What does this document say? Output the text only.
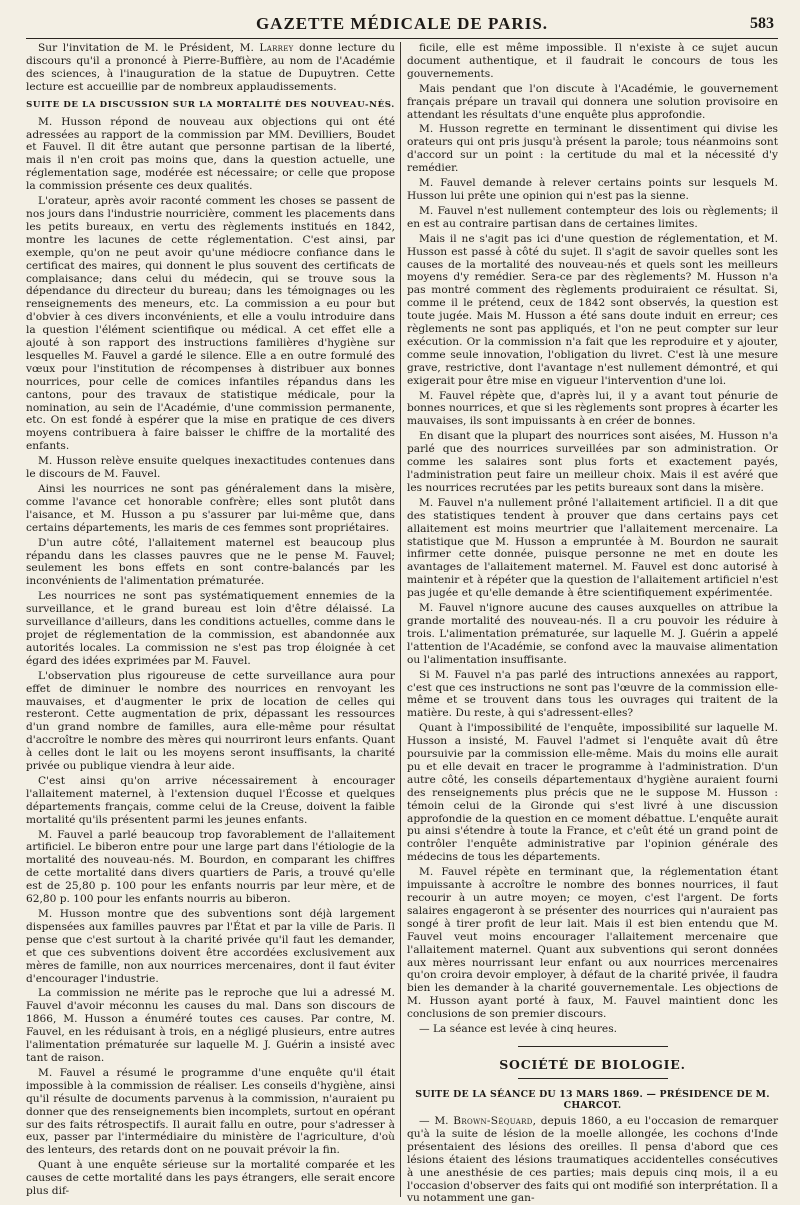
GAZETTE MÉDICALE DE PARIS.	583

Sur l'invitation de M. le Président, M. Larrey donne lecture du discours qu'il a prononcé à Pierre-Buffière, au nom de l'Académie des sciences, à l'inauguration de la statue de Dupuytren. Cette lecture est accueillie par de nombreux applaudissements.

SUITE DE LA DISCUSSION SUR LA MORTALITÉ DES NOUVEAU-NÉS.

M. Husson répond de nouveau aux objections qui ont été adressées au rapport de la commission par MM. Devilliers, Boudet et Fauvel. Il dit être autant que personne partisan de la liberté, mais il n'en croit pas moins que, dans la question actuelle, une réglementation sage, modérée est nécessaire; or celle que propose la commission présente ces deux qualités.

L'orateur, après avoir raconté comment les choses se passent de nos jours dans l'industrie nourricière, comment les placements dans les petits bureaux, en vertu des règlements institués en 1842, montre les lacunes de cette réglementation. C'est ainsi, par exemple, qu'on ne peut avoir qu'une médiocre confiance dans le certificat des maires, qui donnent le plus souvent des certificats de complaisance; dans celui du médecin, qui se trouve sous la dépendance du directeur du bureau; dans les témoignages ou les renseignements des meneurs, etc. La commission a eu pour but d'obvier à ces divers inconvénients, et elle a voulu introduire dans la question l'élément scientifique ou médical. A cet effet elle a ajouté à son rapport des instructions familières d'hygiène sur lesquelles M. Fauvel a gardé le silence. Elle a en outre formulé des vœux pour l'institution de récompenses à distribuer aux bonnes nourrices, pour celle de comices infantiles répandus dans les cantons, pour des travaux de statistique médicale, pour la nomination, au sein de l'Académie, d'une commission permanente, etc. On est fondé à espérer que la mise en pratique de ces divers moyens contribuera à faire baisser le chiffre de la mortalité des enfants.

M. Husson relève ensuite quelques inexactitudes contenues dans le discours de M. Fauvel.

Ainsi les nourrices ne sont pas généralement dans la misère, comme l'avance cet honorable confrère; elles sont plutôt dans l'aisance, et M. Husson a pu s'assurer par lui-même que, dans certains départements, les maris de ces femmes sont propriétaires.

D'un autre côté, l'allaitement maternel est beaucoup plus répandu dans les classes pauvres que ne le pense M. Fauvel; seulement les bons effets en sont contre-balancés par les inconvénients de l'alimentation prématurée.

Les nourrices ne sont pas systématiquement ennemies de la surveillance, et le grand bureau est loin d'être délaissé. La surveillance d'ailleurs, dans les conditions actuelles, comme dans le projet de réglementation de la commission, est abandonnée aux autorités locales. La commission ne s'est pas trop éloignée à cet égard des idées exprimées par M. Fauvel.

L'observation plus rigoureuse de cette surveillance aura pour effet de diminuer le nombre des nourrices en renvoyant les mauvaises, et d'augmenter le prix de location de celles qui resteront. Cette augmentation de prix, dépassant les ressources d'un grand nombre de familles, aura elle-même pour résultat d'accroître le nombre des mères qui nourriront leurs enfants. Quant à celles dont le lait ou les moyens seront insuffisants, la charité privée ou publique viendra à leur aide.

C'est ainsi qu'on arrive nécessairement à encourager l'allaitement maternel, à l'extension duquel l'Écosse et quelques départements français, comme celui de la Creuse, doivent la faible mortalité qu'ils présentent parmi les jeunes enfants.

M. Fauvel a parlé beaucoup trop favorablement de l'allaitement artificiel. Le biberon entre pour une large part dans l'étiologie de la mortalité des nouveau-nés. M. Bourdon, en comparant les chiffres de cette mortalité dans divers quartiers de Paris, a trouvé qu'elle est de 25,80 p. 100 pour les enfants nourris par leur mère, et de 62,80 p. 100 pour les enfants nourris au biberon.

M. Husson montre que des subventions sont déjà largement dispensées aux familles pauvres par l'État et par la ville de Paris. Il pense que c'est surtout à la charité privée qu'il faut les demander, et que ces subventions doivent être accordées exclusivement aux mères de famille, non aux nourrices mercenaires, dont il faut éviter d'encourager l'industrie.

La commission ne mérite pas le reproche que lui a adressé M. Fauvel d'avoir méconnu les causes du mal. Dans son discours de 1866, M. Husson a énuméré toutes ces causes. Par contre, M. Fauvel, en les réduisant à trois, en a négligé plusieurs, entre autres l'alimentation prématurée sur laquelle M. J. Guérin a insisté avec tant de raison.

M. Fauvel a résumé le programme d'une enquête qu'il était impossible à la commission de réaliser. Les conseils d'hygiène, ainsi qu'il résulte de documents parvenus à la commission, n'auraient pu donner que des renseignements bien incomplets, surtout en opérant sur des faits rétrospectifs. Il aurait fallu en outre, pour s'adresser à eux, passer par l'intermédiaire du ministère de l'agriculture, d'où des lenteurs, des retards dont on ne pouvait prévoir la fin.

Quant à une enquête sérieuse sur la mortalité comparée et les causes de cette mortalité dans les pays étrangers, elle serait encore plus dif-

ficile, elle est même impossible. Il n'existe à ce sujet aucun document authentique, et il faudrait le concours de tous les gouvernements.

Mais pendant que l'on discute à l'Académie, le gouvernement français prépare un travail qui donnera une solution provisoire en attendant les résultats d'une enquête plus approfondie.

M. Husson regrette en terminant le dissentiment qui divise les orateurs qui ont pris jusqu'à présent la parole; tous néanmoins sont d'accord sur un point : la certitude du mal et la nécessité d'y remédier.

M. Fauvel demande à relever certains points sur lesquels M. Husson lui prête une opinion qui n'est pas la sienne.

M. Fauvel n'est nullement contempteur des lois ou règlements; il en est au contraire partisan dans de certaines limites.

Mais il ne s'agit pas ici d'une question de réglementation, et M. Husson est passé à côté du sujet. Il s'agit de savoir quelles sont les causes de la mortalité des nouveau-nés et quels sont les meilleurs moyens d'y remédier. Sera-ce par des règlements? M. Husson n'a pas montré comment des règlements produiraient ce résultat. Si, comme il le prétend, ceux de 1842 sont observés, la question est toute jugée. Mais M. Husson a été sans doute induit en erreur; ces règlements ne sont pas appliqués, et l'on ne peut compter sur leur exécution. Or la commission n'a fait que les reproduire et y ajouter, comme seule innovation, l'obligation du livret. C'est là une mesure grave, restrictive, dont l'avantage n'est nullement démontré, et qui exigerait pour être mise en vigueur l'intervention d'une loi.

M. Fauvel répète que, d'après lui, il y a avant tout pénurie de bonnes nourrices, et que si les règlements sont propres à écarter les mauvaises, ils sont impuissants à en créer de bonnes.

En disant que la plupart des nourrices sont aisées, M. Husson n'a parlé que des nourrices surveillées par son administration. Or comme les salaires sont plus forts et exactement payés, l'administration peut faire un meilleur choix. Mais il est avéré que les nourrices recrutées par les petits bureaux sont dans la misère.

M. Fauvel n'a nullement prôné l'allaitement artificiel. Il a dit que des statistiques tendent à prouver que dans certains pays cet allaitement est moins meurtrier que l'allaitement mercenaire. La statistique que M. Husson a empruntée à M. Bourdon ne saurait infirmer cette donnée, puisque personne ne met en doute les avantages de l'allaitement maternel. M. Fauvel est donc autorisé à maintenir et à répéter que la question de l'allaitement artificiel n'est pas jugée et qu'elle demande à être scientifiquement expérimentée.

M. Fauvel n'ignore aucune des causes auxquelles on attribue la grande mortalité des nouveau-nés. Il a cru pouvoir les réduire à trois. L'alimentation prématurée, sur laquelle M. J. Guérin a appelé l'attention de l'Académie, se confond avec la mauvaise alimentation ou l'alimentation insuffisante.

Si M. Fauvel n'a pas parlé des intructions annexées au rapport, c'est que ces instructions ne sont pas l'œuvre de la commission elle-même et se trouvent dans tous les ouvrages qui traitent de la matière. Du reste, à qui s'adressent-elles?

Quant à l'impossibilité de l'enquête, impossibilité sur laquelle M. Husson a insisté, M. Fauvel l'admet si l'enquête avait dû être poursuivie par la commission elle-même. Mais du moins elle aurait pu et elle devait en tracer le programme à l'administration. D'un autre côté, les conseils départementaux d'hygiène auraient fourni des renseignements plus précis que ne le suppose M. Husson : témoin celui de la Gironde qui s'est livré à une discussion approfondie de la question en ce moment débattue. L'enquête aurait pu ainsi s'étendre à toute la France, et c'eût été un grand point de contrôler l'enquête administrative par l'opinion générale des médecins de tous les départements.

M. Fauvel répète en terminant que, la réglementation étant impuissante à accroître le nombre des bonnes nourrices, il faut recourir à un autre moyen; ce moyen, c'est l'argent. De forts salaires engageront à se présenter des nourrices qui n'auraient pas songé à tirer profit de leur lait. Mais il est bien entendu que M. Fauvel veut moins encourager l'allaitement mercenaire que l'allaitement maternel. Quant aux subventions qui seront données aux mères nourrissant leur enfant ou aux nourrices mercenaires qu'on croira devoir employer, à défaut de la charité privée, il faudra bien les demander à la charité gouvernementale. Les objections de M. Husson ayant porté à faux, M. Fauvel maintient donc les conclusions de son premier discours.

— La séance est levée à cinq heures.

SOCIÉTÉ DE BIOLOGIE.
SUITE DE LA SÉANCE DU 13 MARS 1869. — PRÉSIDENCE DE M. CHARCOT.

— M. Brown-Séquard, depuis 1860, a eu l'occasion de remarquer qu'à la suite de lésion de la moelle allongée, les cochons d'Inde présentaient des lésions des oreilles. Il pensa d'abord que ces lésions étaient des lésions traumatiques accidentelles consécutives à une anesthésie de ces parties; mais depuis cinq mois, il a eu l'occasion d'observer des faits qui ont modifié son interprétation. Il a vu notamment une gan-
